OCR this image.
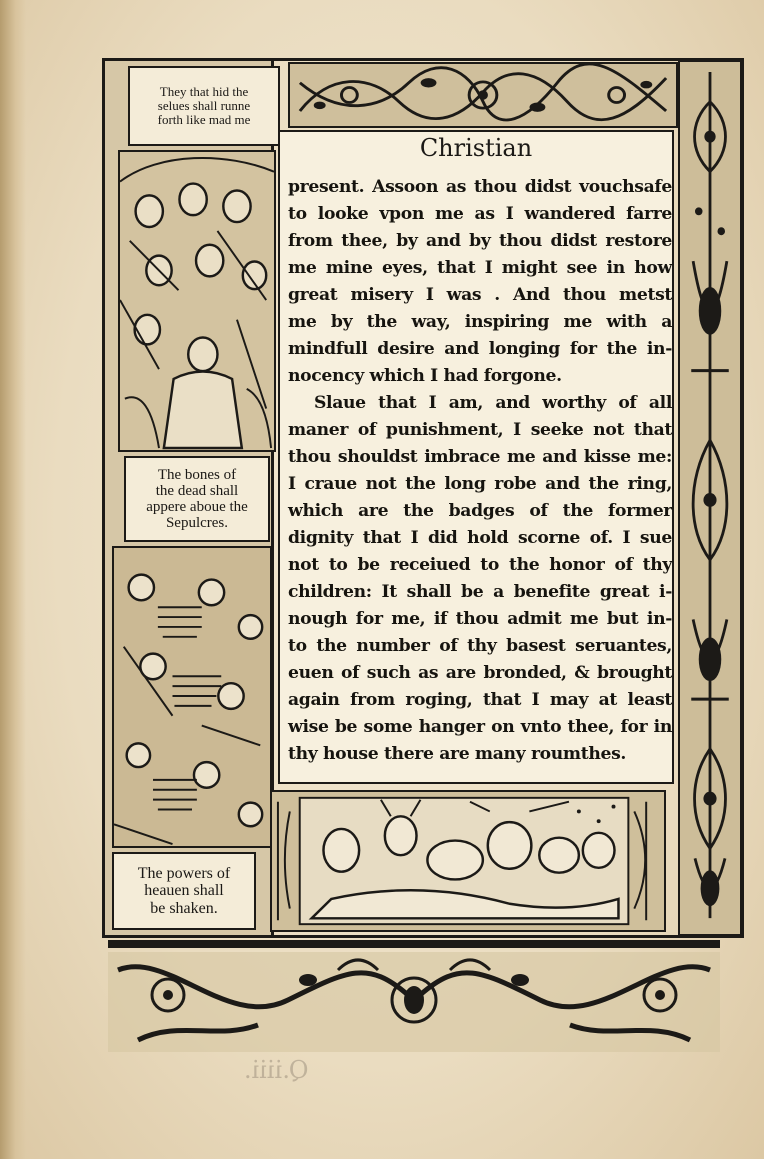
Christian
present. Assoon as thou didst vouchsafe
to looke vpon me as I wandered farre
from thee, by and by thou didst restore
me mine eyes, that I might see in how
great misery I was . And thou metst
me by the way, inspiring me with a
mindfull desire and longing for the in-
nocency which I had forgone.
Slaue that I am, and worthy of all
maner of punishment, I seeke not that
thou shouldst imbrace me and kisse me:
I craue not the long robe and the ring,
which are the badges of the former
dignity that I did hold scorne of. I sue
not to be receiued to the honor of thy
children: It shall be a benefite great i-
nough for me, if thou admit me but in-
to the number of thy basest seruantes,
euen of such as are bronded, & brought
again from roging, that I may at least
wise be some hanger on vnto thee, for in
thy house there are many roumthes.
They that hid the
selues shall runne
forth like mad me
The bones of
the dead shall
appere aboue the
Sepulcres.
The powers of
heauen shall
be shaken.
Q.iiii.
